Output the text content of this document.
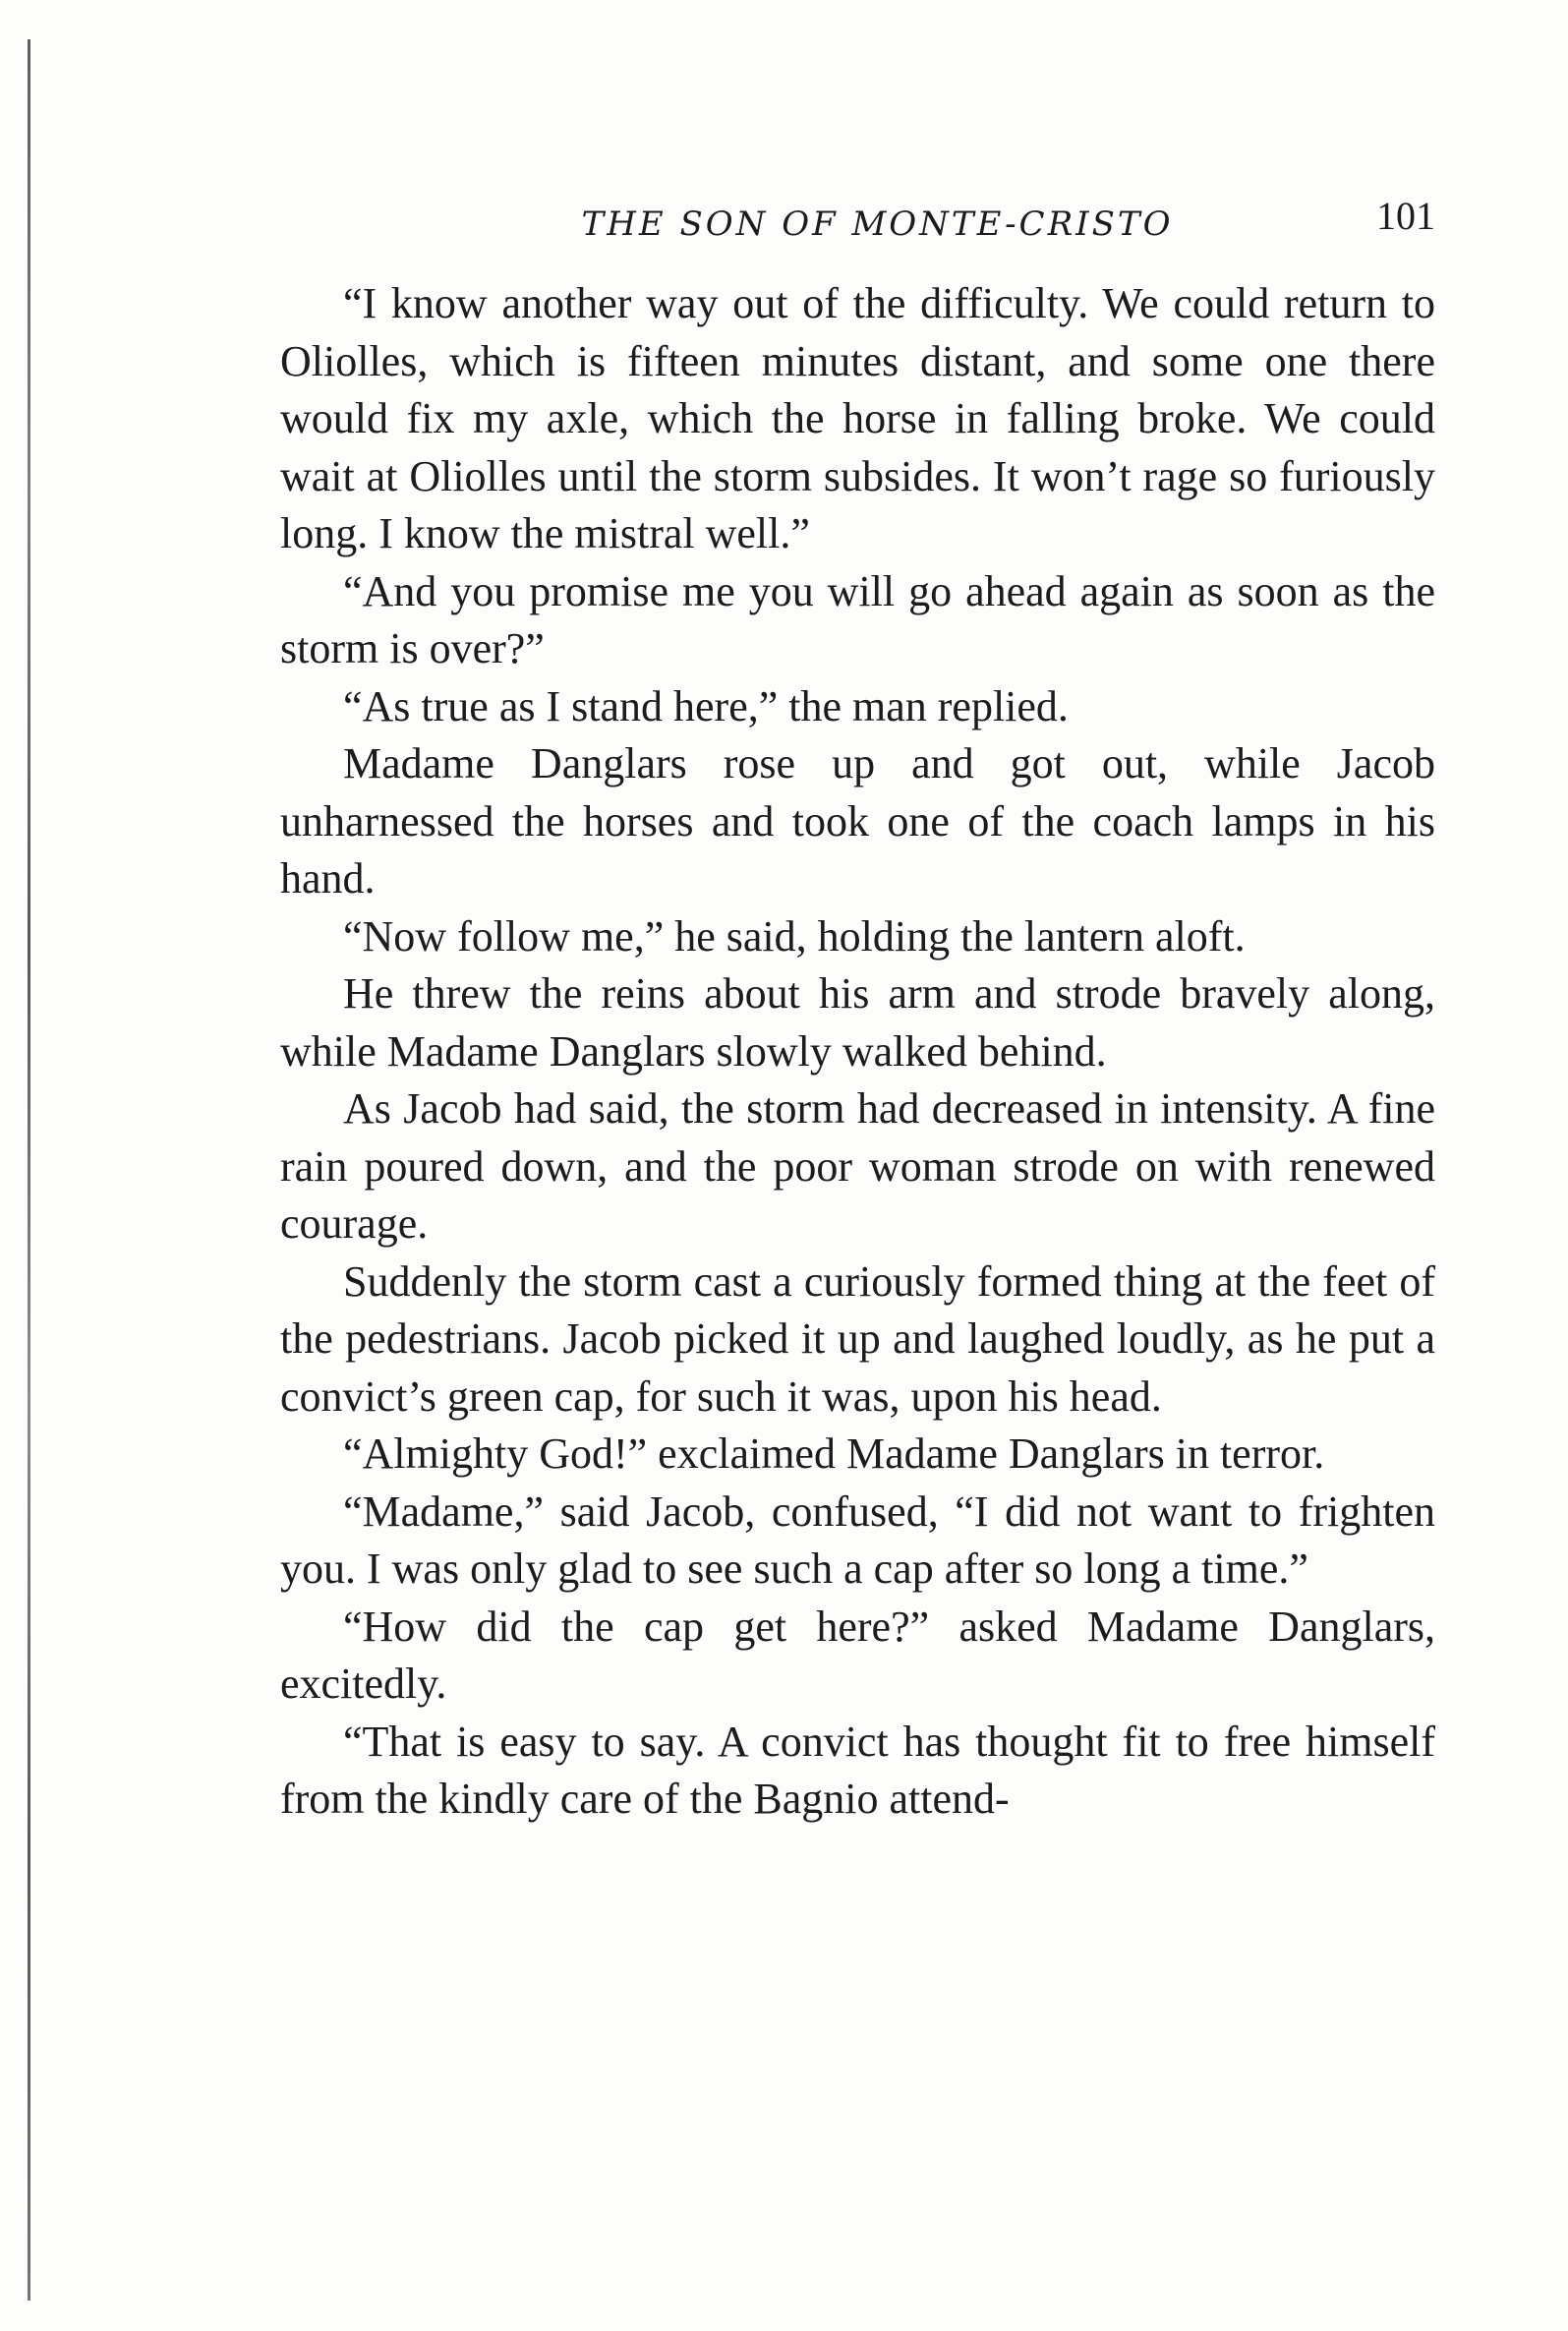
THE SON OF MONTE-CRISTO	101

“I know another way out of the difficulty. We could return to Oliolles, which is fifteen minutes distant, and some one there would fix my axle, which the horse in falling broke. We could wait at Oliolles until the storm subsides. It won’t rage so furiously long. I know the mistral well.”

“And you promise me you will go ahead again as soon as the storm is over?”

“As true as I stand here,” the man replied.

Madame Danglars rose up and got out, while Jacob unharnessed the horses and took one of the coach lamps in his hand.

“Now follow me,” he said, holding the lantern aloft.

He threw the reins about his arm and strode bravely along, while Madame Danglars slowly walked behind.

As Jacob had said, the storm had decreased in intensity. A fine rain poured down, and the poor woman strode on with renewed courage.

Suddenly the storm cast a curiously formed thing at the feet of the pedestrians. Jacob picked it up and laughed loudly, as he put a convict’s green cap, for such it was, upon his head.

“Almighty God!” exclaimed Madame Danglars in terror.

“Madame,” said Jacob, confused, “I did not want to frighten you. I was only glad to see such a cap after so long a time.”

“How did the cap get here?” asked Madame Danglars, excitedly.

“That is easy to say. A convict has thought fit to free himself from the kindly care of the Bagnio attend-
